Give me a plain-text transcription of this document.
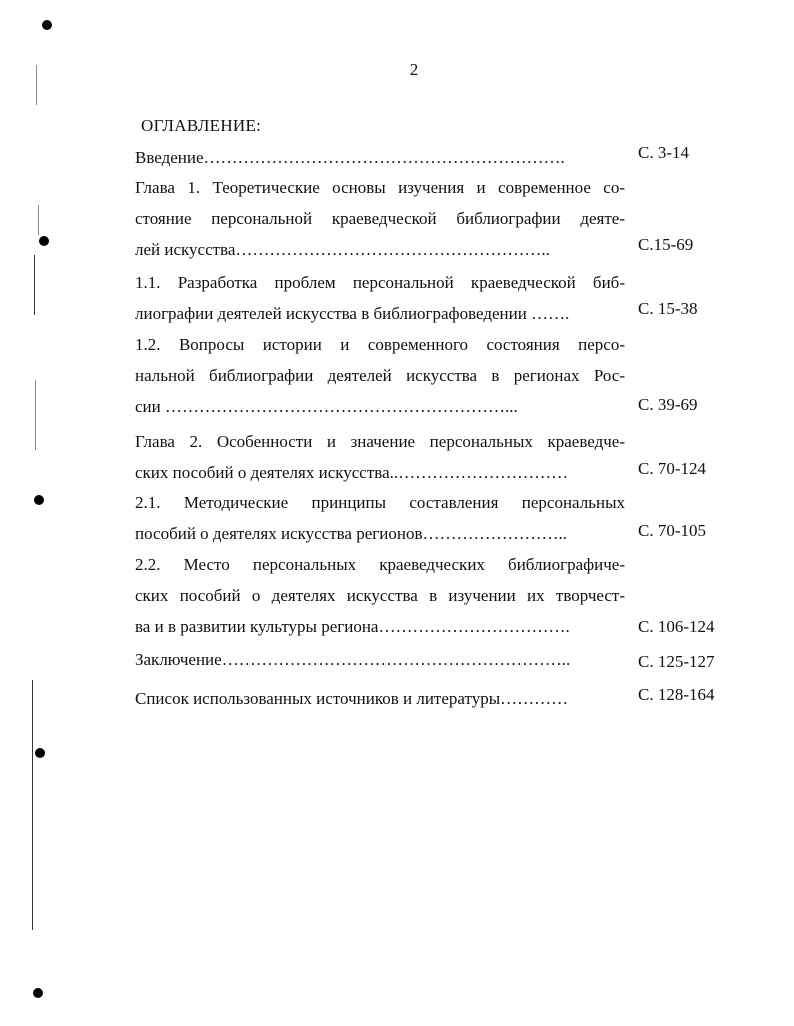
2
ОГЛАВЛЕНИЕ:
Введение……………………………………………………….	С. 3-14
Глава 1. Теоретические основы изучения и современное со-
стояние персональной краеведческой библиографии деяте-
лей искусства………………………………………………..	С.15-69
1.1. Разработка проблем персональной краеведческой биб-
лиографии деятелей искусства в библиографоведении …….	С. 15-38
1.2. Вопросы истории и современного состояния персо-
нальной библиографии деятелей искусства в регионах Рос-
сии ……………………………………………………...	С. 39-69
Глава 2. Особенности и значение персональных краеведче-
ских пособий о деятелях искусства..…………………………	С. 70-124
2.1. Методические принципы составления персональных
пособий о деятелях искусства регионов……………………..	С. 70-105
2.2. Место персональных краеведческих библиографиче-
ских пособий о деятелях искусства в изучении их творчест-
ва и в развитии культуры региона…………………………….	С. 106-124
Заключение……………………………………………………..	С. 125-127
Список использованных источников и литературы…………	С. 128-164
